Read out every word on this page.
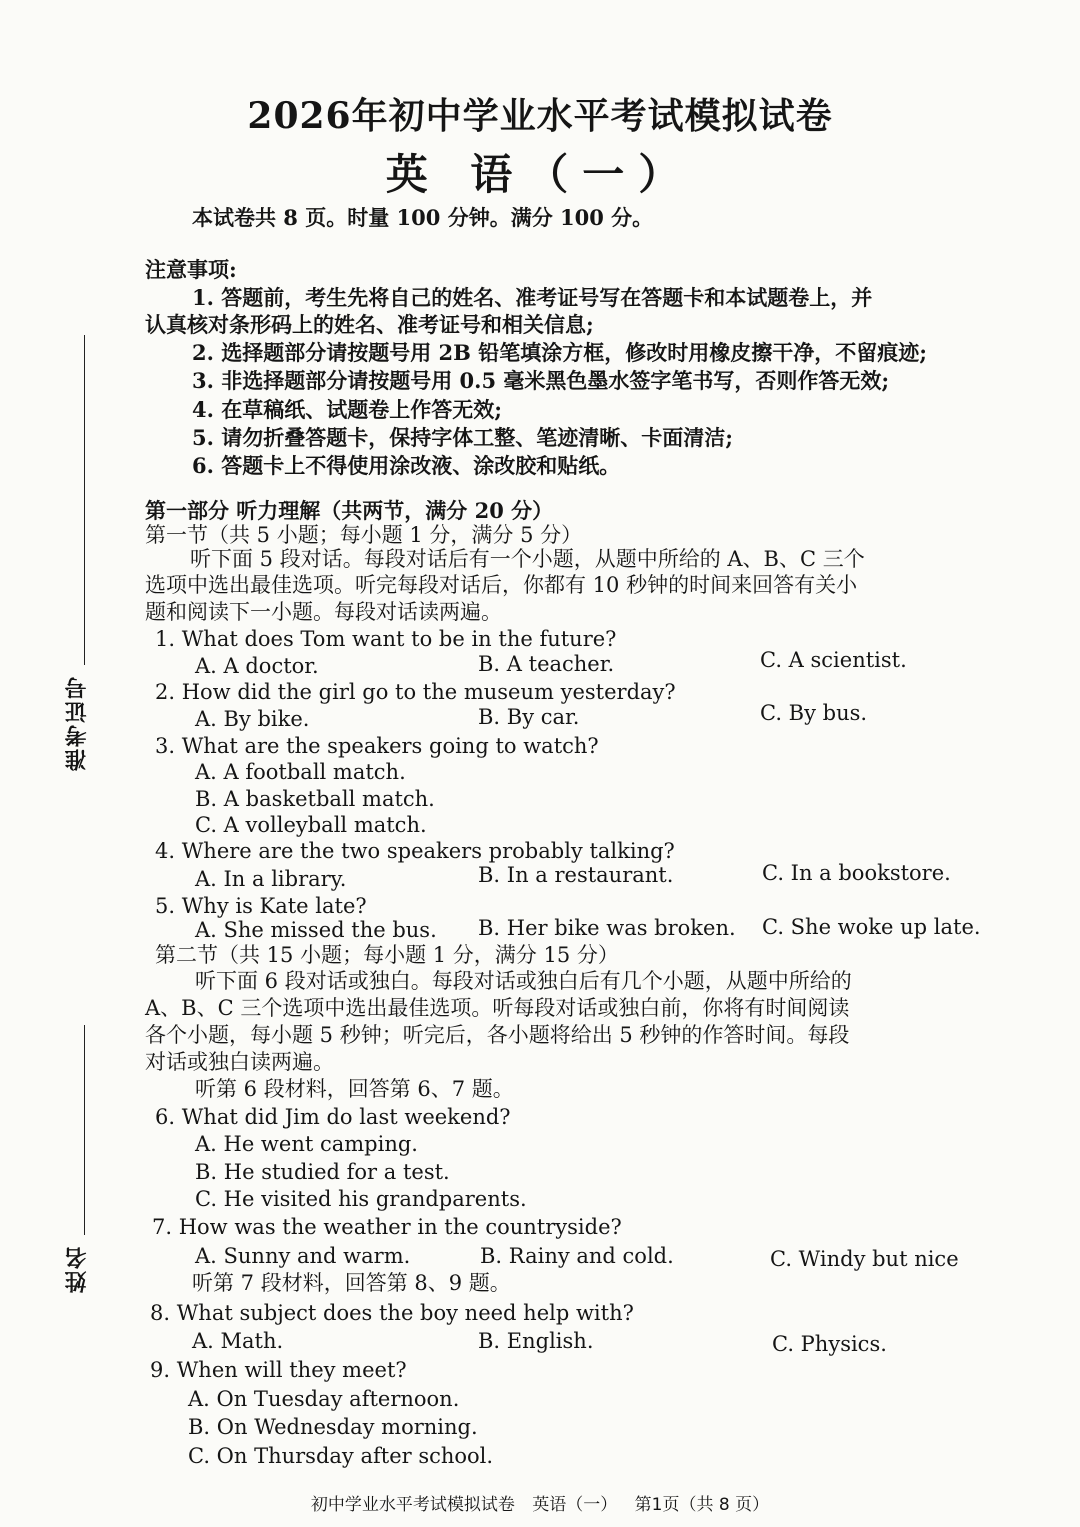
准考证号
姓名
2026年初中学业水平考试模拟试卷
英 语（一）
本试卷共 8 页。时量 100 分钟。满分 100 分。
注意事项:
1. 答题前，考生先将自己的姓名、准考证号写在答题卡和本试题卷上，并
认真核对条形码上的姓名、准考证号和相关信息;
2. 选择题部分请按题号用 2B 铅笔填涂方框，修改时用橡皮擦干净，不留痕迹;
3. 非选择题部分请按题号用 0.5 毫米黑色墨水签字笔书写，否则作答无效;
4. 在草稿纸、试题卷上作答无效;
5. 请勿折叠答题卡，保持字体工整、笔迹清晰、卡面清洁;
6. 答题卡上不得使用涂改液、涂改胶和贴纸。
第一部分 听力理解（共两节，满分 20 分）
第一节（共 5 小题；每小题 1 分，满分 5 分）
听下面 5 段对话。每段对话后有一个小题，从题中所给的 A、B、C 三个
选项中选出最佳选项。听完每段对话后，你都有 10 秒钟的时间来回答有关小
题和阅读下一小题。每段对话读两遍。
1. What does Tom want to be in the future?
A. A doctor.	B. A teacher.	C. A scientist.
2. How did the girl go to the museum yesterday?
A. By bike.	B. By car.	C. By bus.
3. What are the speakers going to watch?
A. A football match.
B. A basketball match.
C. A volleyball match.
4. Where are the two speakers probably talking?
A. In a library.	B. In a restaurant.	C. In a bookstore.
5. Why is Kate late?
A. She missed the bus. B. Her bike was broken. C. She woke up late.
第二节（共 15 小题；每小题 1 分，满分 15 分）
听下面 6 段对话或独白。每段对话或独白后有几个小题，从题中所给的
A、B、C 三个选项中选出最佳选项。听每段对话或独白前，你将有时间阅读
各个小题，每小题 5 秒钟；听完后，各小题将给出 5 秒钟的作答时间。每段
对话或独白读两遍。
听第 6 段材料，回答第 6、7 题。
6. What did Jim do last weekend?
A. He went camping.
B. He studied for a test.
C. He visited his grandparents.
7. How was the weather in the countryside?
A. Sunny and warm.	B. Rainy and cold.	C. Windy but nice
听第 7 段材料，回答第 8、9 题。
8. What subject does the boy need help with?
A. Math.	B. English.	C. Physics.
9. When will they meet?
A. On Tuesday afternoon.
B. On Wednesday morning.
C. On Thursday after school.
初中学业水平考试模拟试卷 英语（一） 第1页（共 8 页）
